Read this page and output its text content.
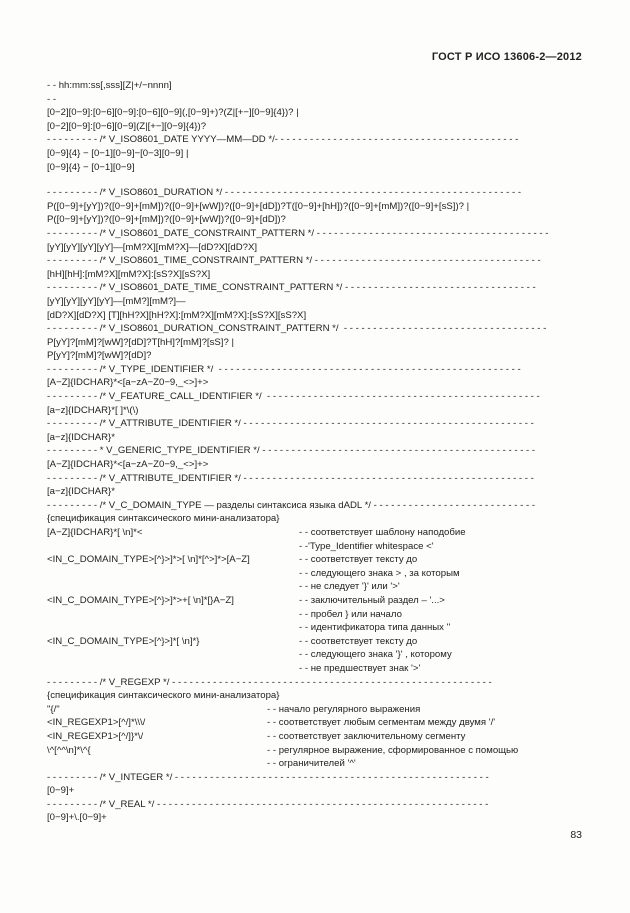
ГОСТ Р ИСО 13606-2—2012
- - hh:mm:ss[,sss][Z|+/−nnnn]
- -
[0−2][0−9]:[0−6][0−9]:[0−6][0−9](,[0−9]+)?(Z|[+−][0−9]{4})? |
[0−2][0−9]:[0−6][0−9](Z|[+−][0−9]{4})?
- - - - - - - - - /* V_ISO8601_DATE YYYY—MM—DD */- - - - - - - - - - - - - - - - - - - - - - - - - - - - - - - - - - - - - - - - - -
[0−9]{4} − [0−1][0−9]−[0−3][0−9] |
[0−9]{4} − [0−1][0−9]
- - - - - - - - - /* V_ISO8601_DURATION */ - - - - - - - - - - - - - - - - - - - - - - - - - - - - - - - - - - - - - - - - - - - - - - - - - - -
P([0−9]+[yY])?([0−9]+[mM])?([0−9]+[wW])?([0−9]+[dD])?T([0−9]+[hH])?([0−9]+[mM])?([0−9]+[sS])? |
P([0−9]+[yY])?([0−9]+[mM])?([0−9]+[wW])?([0−9]+[dD])?
- - - - - - - - - /* V_ISO8601_DATE_CONSTRAINT_PATTERN */ - - - - - - - - - - - - - - - - - - - - - - - - - - - - - - - - - - - - - - - -
[yY][yY][yY][yY]—[mM?X][mM?X]—[dD?X][dD?X]
- - - - - - - - - /* V_ISO8601_TIME_CONSTRAINT_PATTERN */ - - - - - - - - - - - - - - - - - - - - - - - - - - - - - - - - - - - - - - -
[hH][hH]:[mM?X][mM?X]:[sS?X][sS?X]
- - - - - - - - - /* V_ISO8601_DATE_TIME_CONSTRAINT_PATTERN */ - - - - - - - - - - - - - - - - - - - - - - - - - - - - - - - - -
[yY][yY][yY][yY]—[mM?][mM?]—
[dD?X][dD?X] [T][hH?X][hH?X]:[mM?X][mM?X]:[sS?X][sS?X]
- - - - - - - - - /* V_ISO8601_DURATION_CONSTRAINT_PATTERN */  - - - - - - - - - - - - - - - - - - - - - - - - - - - - - - - - - - -
P[yY]?[mM]?[wW]?[dD]?T[hH]?[mM]?[sS]? |
P[yY]?[mM]?[wW]?[dD]?
- - - - - - - - - /* V_TYPE_IDENTIFIER */  - - - - - - - - - - - - - - - - - - - - - - - - - - - - - - - - - - - - - - - - - - - - - - - - - - - -
[A−Z]{IDCHAR}*<[a−zA−Z0−9,_<>]+>
- - - - - - - - - /* V_FEATURE_CALL_IDENTIFIER */  - - - - - - - - - - - - - - - - - - - - - - - - - - - - - - - - - - - - - - - - - - - - - - -
[a−z]{IDCHAR}*[ ]*\(\)
- - - - - - - - - /* V_ATTRIBUTE_IDENTIFIER */ - - - - - - - - - - - - - - - - - - - - - - - - - - - - - - - - - - - - - - - - - - - - - - - - - -
[a−z]{IDCHAR}*
- - - - - - - - - * V_GENERIC_TYPE_IDENTIFIER */ - - - - - - - - - - - - - - - - - - - - - - - - - - - - - - - - - - - - - - - - - - - - - - -
[A−Z]{IDCHAR}*<[a−zA−Z0−9,_<>]+>
- - - - - - - - - /* V_ATTRIBUTE_IDENTIFIER */ - - - - - - - - - - - - - - - - - - - - - - - - - - - - - - - - - - - - - - - - - - - - - - - - - -
[a−z]{IDCHAR}*
- - - - - - - - - /* V_C_DOMAIN_TYPE — разделы синтаксиса языка dADL */ - - - - - - - - - - - - - - - - - - - - - - - - - - - -
{спецификация синтаксического мини-анализатора}
[A−Z]{IDCHAR}*[ \n]*<	- - соответствует шаблону наподобие
- -'Type_Identifier whitespace <'
<IN_C_DOMAIN_TYPE>[^}>]*>[ \n]*[^>]*>[A−Z]	- - соответствует тексту до
- - следующего знака > , за которым
- - не следует '}' или '>'
<IN_C_DOMAIN_TYPE>[^}>]*>+[ \n]*[}A−Z]	- - заключительный раздел – '...>
- - пробел } или начало
- - идентификатора типа данных ''
<IN_C_DOMAIN_TYPE>[^}>]*[ \n]*}	- - соответствует тексту до
- - следующего знака '}' , которому
- - не предшествует знак '>'
- - - - - - - - - /* V_REGEXP */ - - - - - - - - - - - - - - - - - - - - - - - - - - - - - - - - - - - - - - - - - - - - - - - - - - - - - - -
{спецификация синтаксического мини-анализатора}
"{/"	- - начало регулярного выражения
<IN_REGEXP1>[^/]*\\\/	- - соответствует любым сегментам между двумя '/'
<IN_REGEXP1>[^/]}*\/	- - соответствует заключительному сегменту
\^[^^\n]*\^{	- - регулярное выражение, сформированное с помощью
- - ограничителей '^'
- - - - - - - - - /* V_INTEGER */ - - - - - - - - - - - - - - - - - - - - - - - - - - - - - - - - - - - - - - - - - - - - - - - - - - - - - -
[0−9]+
- - - - - - - - - /* V_REAL */ - - - - - - - - - - - - - - - - - - - - - - - - - - - - - - - - - - - - - - - - - - - - - - - - - - - - - - - - -
[0−9]+\.[0−9]+
83
